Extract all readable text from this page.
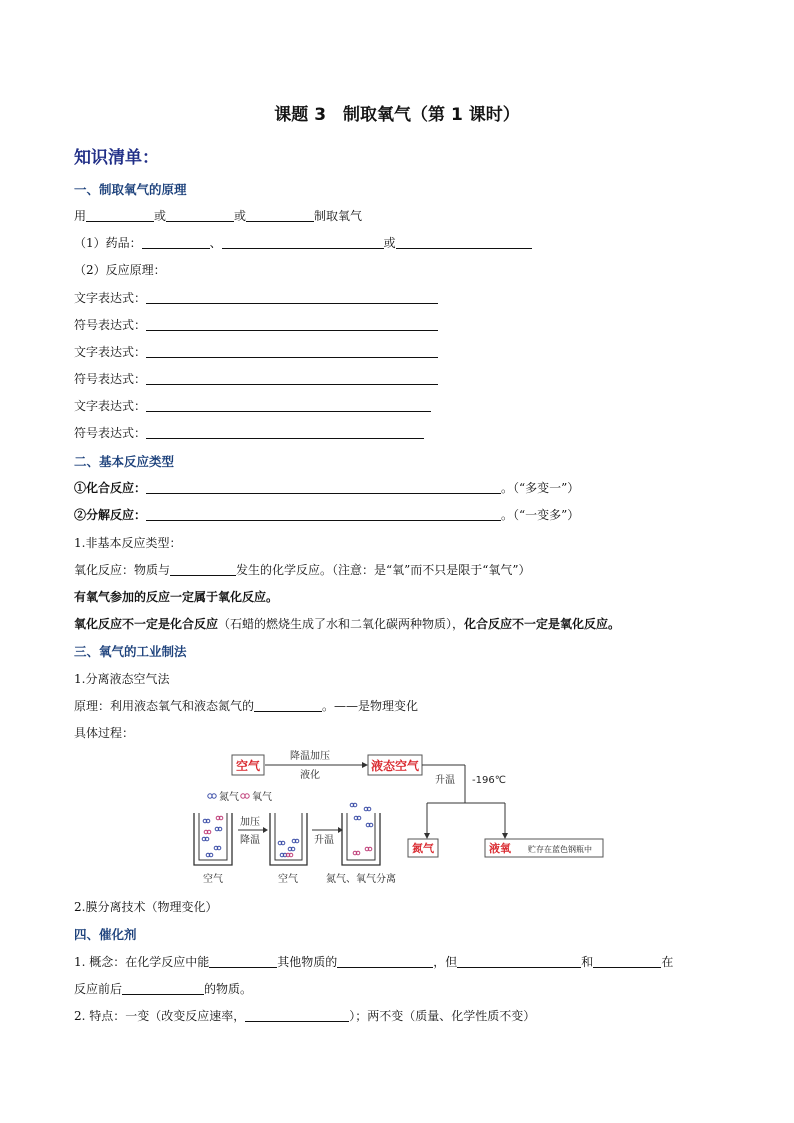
课题 3　制取氧气（第 1 课时）
知识清单：
一、制取氧气的原理
用	或	或	制取氧气
（1）药品：	、	或
（2）反应原理：
文字表达式：
符号表达式：
文字表达式：
符号表达式：
文字表达式：
符号表达式：
二、基本反应类型
①化合反应：	。（“多变一”）
②分解反应：	。（“一变多”）
1.非基本反应类型：
氧化反应：物质与	发生的化学反应。（注意：是“氧”而不只是限于“氧气”）
有氧气参加的反应一定属于氧化反应。
氧化反应不一定是化合反应（石蜡的燃烧生成了水和二氧化碳两种物质），化合反应不一定是氧化反应。
三、氧气的工业制法
1.分离液态空气法
原理：利用液态氧气和液态氮气的	。——是物理变化
具体过程：
空气
降温加压
液化
液态空气
升温 -196℃
氮气	液氧 贮存在蓝色钢瓶中
氮气 氧气
空气
加压
降温
空气
升温
氮气、氧气分离
2.膜分离技术（物理变化）
四、催化剂
1. 概念：在化学反应中能	其他物质的	，但	和	在
反应前后	的物质。
2. 特点：一变（改变反应速率，	）；两不变（质量、化学性质不变）
